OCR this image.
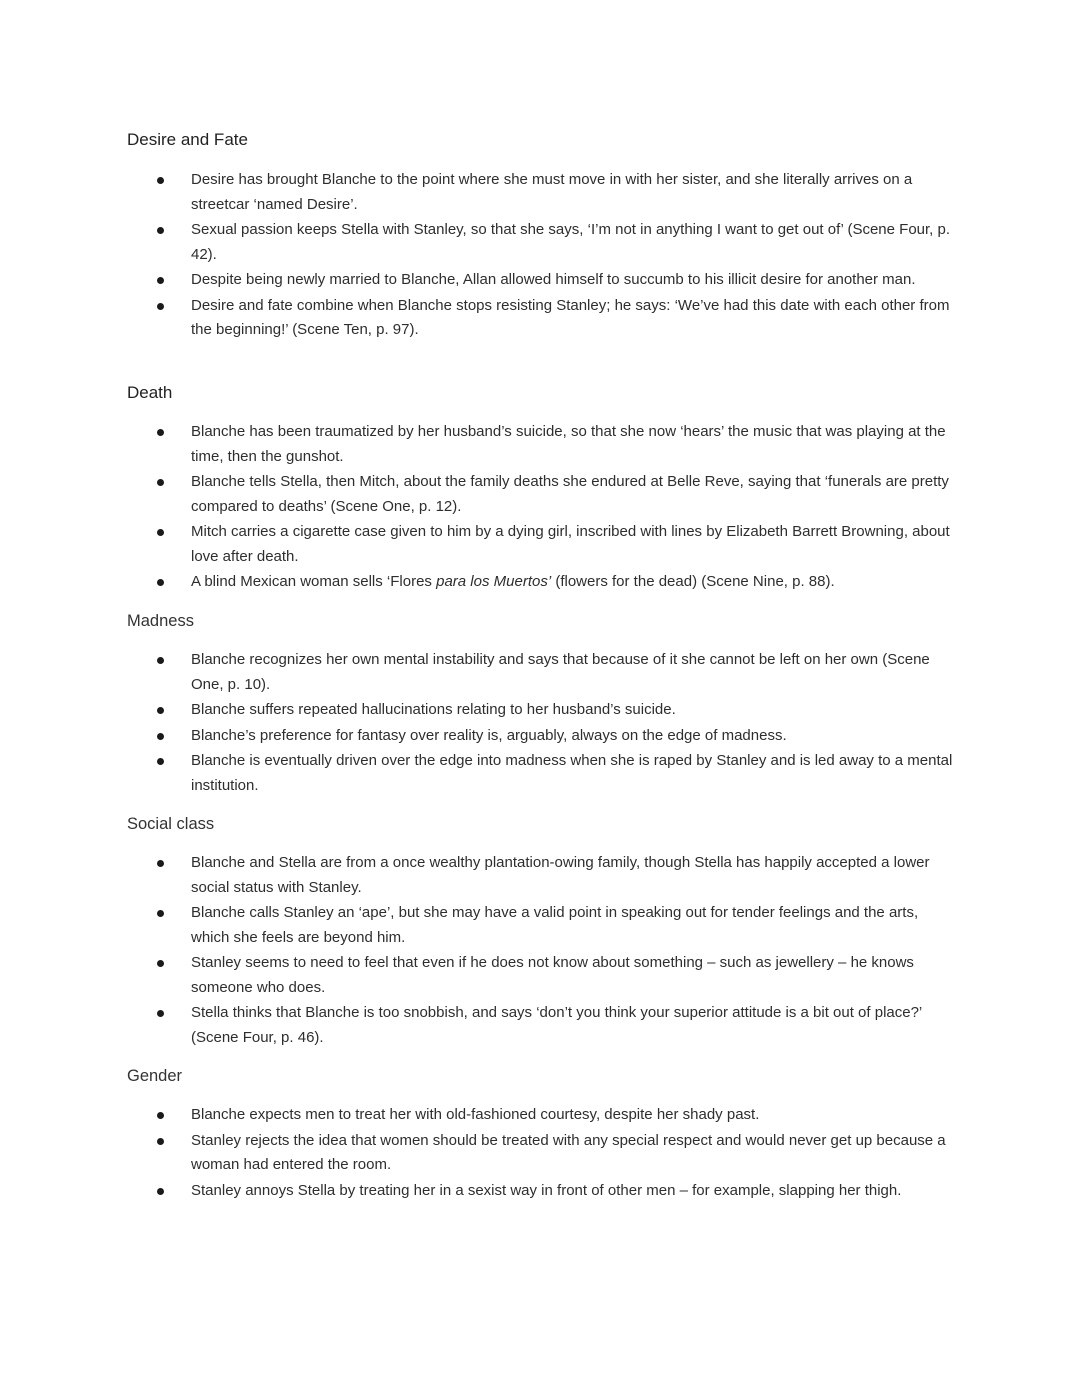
Desire and Fate
Desire has brought Blanche to the point where she must move in with her sister, and she literally arrives on a streetcar ‘named Desire’.
Sexual passion keeps Stella with Stanley, so that she says, ‘I’m not in anything I want to get out of’ (Scene Four, p. 42).
Despite being newly married to Blanche, Allan allowed himself to succumb to his illicit desire for another man.
Desire and fate combine when Blanche stops resisting Stanley; he says: ‘We’ve had this date with each other from the beginning!’ (Scene Ten, p. 97).
Death
Blanche has been traumatized by her husband’s suicide, so that she now ‘hears’ the music that was playing at the time, then the gunshot.
Blanche tells Stella, then Mitch, about the family deaths she endured at Belle Reve, saying that ‘funerals are pretty compared to deaths’ (Scene One, p. 12).
Mitch carries a cigarette case given to him by a dying girl, inscribed with lines by Elizabeth Barrett Browning, about love after death.
A blind Mexican woman sells ‘Flores para los Muertos’ (flowers for the dead) (Scene Nine, p. 88).
Madness
Blanche recognizes her own mental instability and says that because of it she cannot be left on her own (Scene One, p. 10).
Blanche suffers repeated hallucinations relating to her husband’s suicide.
Blanche’s preference for fantasy over reality is, arguably, always on the edge of madness.
Blanche is eventually driven over the edge into madness when she is raped by Stanley and is led away to a mental institution.
Social class
Blanche and Stella are from a once wealthy plantation-owing family, though Stella has happily accepted a lower social status with Stanley.
Blanche calls Stanley an ‘ape’, but she may have a valid point in speaking out for tender feelings and the arts, which she feels are beyond him.
Stanley seems to need to feel that even if he does not know about something – such as jewellery – he knows someone who does.
Stella thinks that Blanche is too snobbish, and says ‘don’t you think your superior attitude is a bit out of place?’ (Scene Four, p. 46).
Gender
Blanche expects men to treat her with old-fashioned courtesy, despite her shady past.
Stanley rejects the idea that women should be treated with any special respect and would never get up because a woman had entered the room.
Stanley annoys Stella by treating her in a sexist way in front of other men – for example, slapping her thigh.
